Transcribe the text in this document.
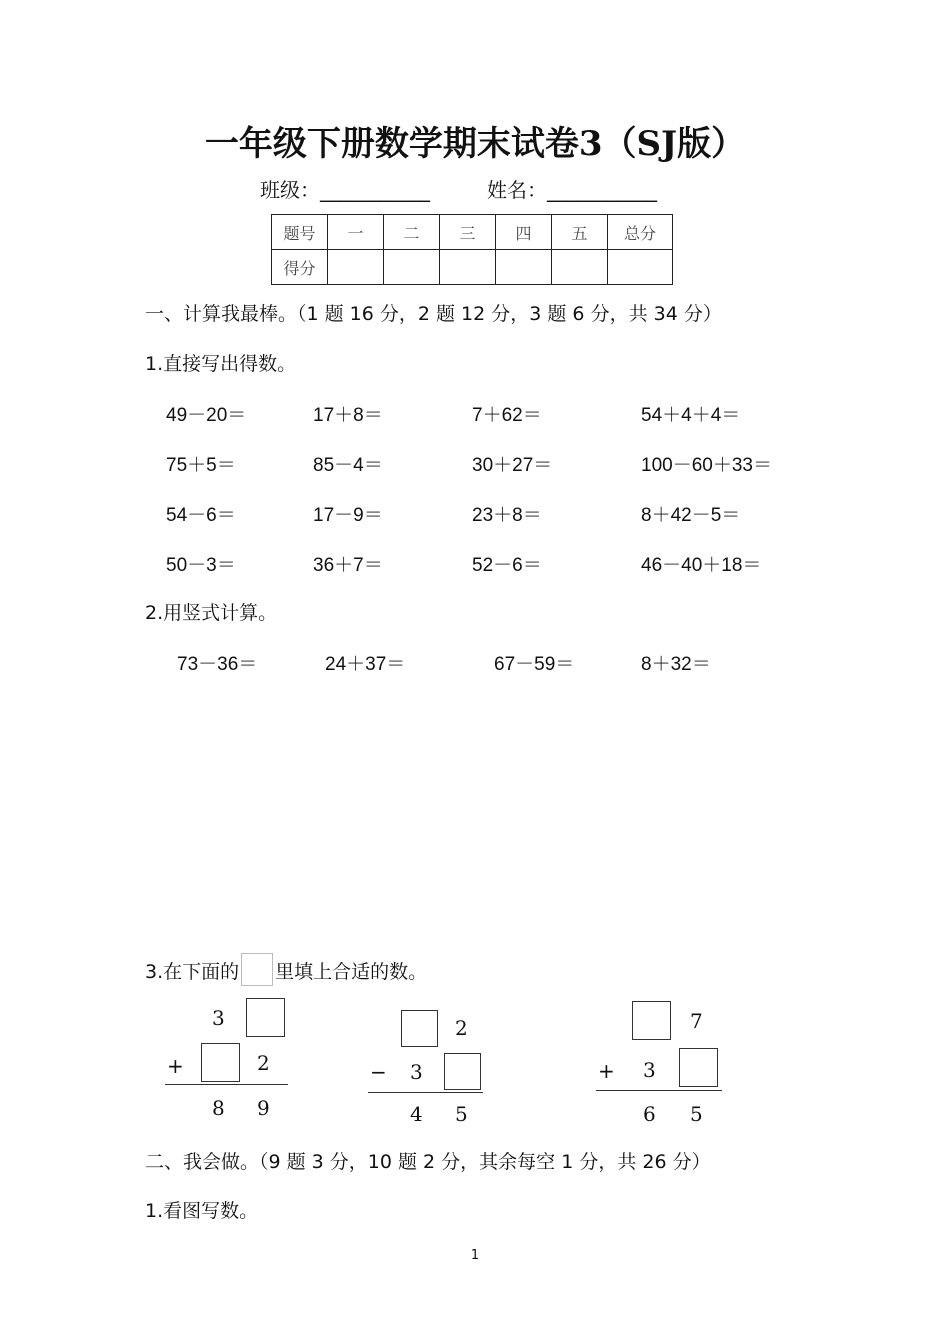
一年级下册数学期末试卷3（SJ版）
班级：___________	姓名：___________
题号	一	二	三	四	五	总分
得分						
一、计算我最棒。（1 题 16 分，2 题 12 分，3 题 6 分，共 34 分）
1.直接写出得数。
49－20＝	17＋8＝	7＋62＝	54＋4＋4＝
75＋5＝	85－4＝	30＋27＝	100－60＋33＝
54－6＝	17－9＝	23＋8＝	8＋42－5＝
50－3＝	36＋7＝	52－6＝	46－40＋18＝
2.用竖式计算。
73－36＝	24＋37＝	67－59＝	8＋32＝
3.在下面的 里填上合适的数。
3
+	2
8 9
2
− 3
4 5
7
+ 3
6 5
二、我会做。（9 题 3 分，10 题 2 分，其余每空 1 分，共 26 分）
1.看图写数。
1
